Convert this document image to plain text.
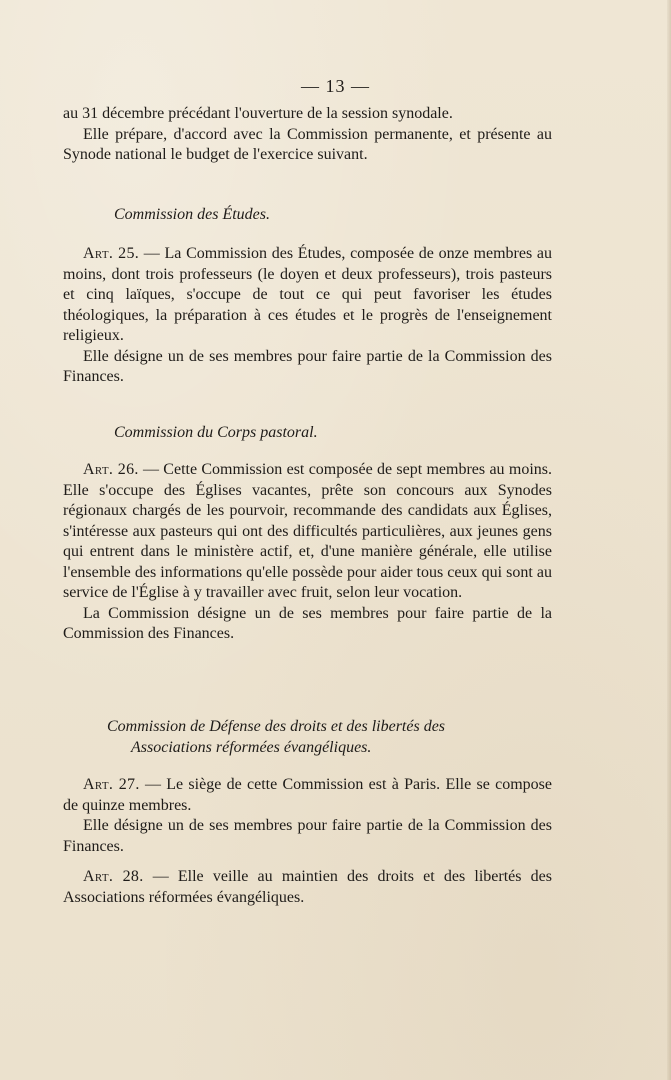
— 13 —
au 31 décembre précédant l'ouverture de la session synodale.
Elle prépare, d'accord avec la Commission permanente, et présente au Synode national le budget de l'exercice suivant.
Commission des Études.
Art. 25. — La Commission des Études, composée de onze membres au moins, dont trois professeurs (le doyen et deux professeurs), trois pasteurs et cinq laïques, s'occupe de tout ce qui peut favoriser les études théologiques, la préparation à ces études et le progrès de l'enseignement religieux.
Elle désigne un de ses membres pour faire partie de la Commission des Finances.
Commission du Corps pastoral.
Art. 26. — Cette Commission est composée de sept membres au moins. Elle s'occupe des Églises vacantes, prête son concours aux Synodes régionaux chargés de les pourvoir, recommande des candidats aux Églises, s'intéresse aux pasteurs qui ont des difficultés particulières, aux jeunes gens qui entrent dans le ministère actif, et, d'une manière générale, elle utilise l'ensemble des informations qu'elle possède pour aider tous ceux qui sont au service de l'Église à y travailler avec fruit, selon leur vocation.
La Commission désigne un de ses membres pour faire partie de la Commission des Finances.
Commission de Défense des droits et des libertés des
Associations réformées évangéliques.
Art. 27. — Le siège de cette Commission est à Paris. Elle se compose de quinze membres.
Elle désigne un de ses membres pour faire partie de la Commission des Finances.
Art. 28. — Elle veille au maintien des droits et des libertés des Associations réformées évangéliques.
